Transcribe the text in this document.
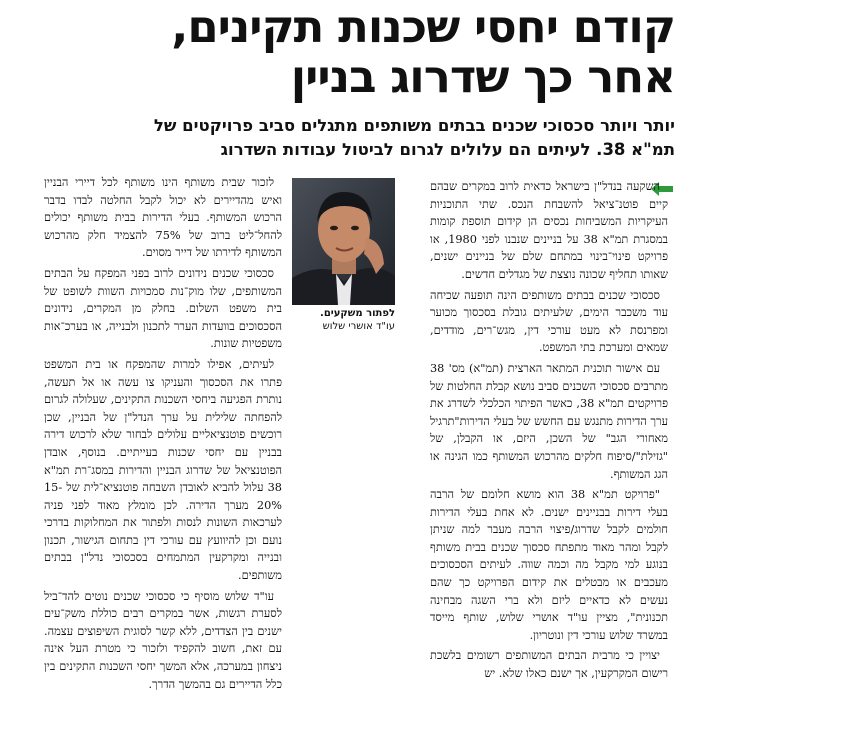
קודם יחסי שכנות תקינים,
אחר כך שדרוג בניין
יותר ויותר סכסוכי שכנים בבתים משותפים מתגלים סביב פרויקטים של
תמ"א 38. לעיתים הם עלולים לגרום לביטול עבודות השדרוג

השקעה בנדל"ן בישראל כדאית לרוב במקרים שבהם קיים פוטנ־ציאל להשבחת הנכס. שתי התוכניות העיקריות המשביחות נכסים הן קידום תוספת קומות במסגרת תמ"א 38 על בניינים שנבנו לפני 1980, או פרויקט פינוי־בינוי במתחם שלם של בניינים ישנים, שאותו תחליף שכונה נוצצת של מגדלים חדשים.

סכסוכי שכנים בבתים משותפים הינה תופעה שכיחה עוד משכבר הימים, שלעיתים גובלת בסכסוך מכוער ומפרנסת לא מעט עורכי דין, מגש־רים, מודדים, שמאים ומערכת בתי המשפט.

עם אישור תוכנית המתאר הארצית (תמ"א) מס' 38 מתרבים סכסוכי השכנים סביב נושא קבלת החלטות של פרויקטים תמ"א 38, כאשר הפיתוי הכלכלי לשדרג את ערך הדירות מתנגש עם החשש של בעלי הדירות"תרגיל מאחורי הגב" של השכן, היזם, או הקבלן, של "גזילת"/סיפוח חלקים מהרכוש המשותף כמו הגינה או הגג המשותף.

"פרויקט תמ"א 38 הוא מושא חלומם של הרבה בעלי דירות בבניינים ישנים. לא אחת בעלי הדירות חולמים לקבל שדרוג/פיצוי הרבה מעבר למה שניתן לקבל ומהר מאוד מתפתח סכסוך שכנים בבית משותף בנוגע למי מקבל מה וכמה שווה. לעיתים הסכסוכים מעכבים או מבטלים את קידום הפרויקט כך שהם נעשים לא כדאיים ליזם ולא ברי השגה מבחינה תכנונית", מציין עו"ד אושרי שלוש, שותף מייסד במשרד שלוש עורכי דין ונוטריון.

יצויין כי מרבית הבתים המשותפים רשומים בלשכת רישום המקרקעין, אך ישנם כאלו שלא. יש

לפתור משקעים.
עו"ד אושרי שלוש

לזכור שבית משותף הינו משותף לכל דיירי הבניין ואיש מהדיירים לא יכול לקבל החלטה לבדו בדבר הרכוש המשותף. בעלי הדירות בבית משותף יכולים להחל־ליט ברוב של 75% להצמיד חלק מהרכוש המשותף לדירתו של דייר מסוים.

סכסוכי שכנים נידונים לרוב בפני המפקח על הבתים המשותפים, שלו מוק־נות סמכויות השוות לשופט של בית משפט השלום. בחלק מן המקרים, נידונים הסכסוכים בוועדות הערר לתכנון ולבנייה, או בערכ־אות משפטיות שונות.

לעיתים, אפילו למרות שהמפקח או בית המשפט פתרו את הסכסוך והעניקו צו עשה או אל תעשה, נותרת הפגיעה ביחסי השכנות התקינים, שעלולה לגרום להפחתה שלילית על ערך הנדל"ן של הבניין, שכן רוכשים פוטנציאליים עלולים לבחור שלא לרכוש דירה בבניין עם יחסי שכנות בעייתיים. בנוסף, אובדן הפוטנציאל של שדרוג הבניין והדירות במסג־רת תמ"א 38 עלול להביא לאובדן השבחה פוטנציא־לית של 15-20% מערך הדירה. לכן מומלץ מאוד לפני פניה לערכאות השונות לנסות ולפתור את המחלוקות בדרכי נועם וכן להיוועץ עם עורכי דין בתחום הגישור, תכנון ובנייה ומקרקעין המתמחים בסכסוכי נדל"ן בבתים משותפים.

עו"ד שלוש מוסיף כי סכסוכי שכנים נוטים להד־ביל לסערת רגשות, אשר במקרים רבים כוללת משק־עים ישנים בין הצדדים, ללא קשר לסוגית השיפוצים עצמה. עם זאת, חשוב להקפיד ולזכור כי מטרת העל אינה ניצחון במערכה, אלא המשך יחסי השכנות התקינים בין כלל הדיירים גם בהמשך הדרך.
